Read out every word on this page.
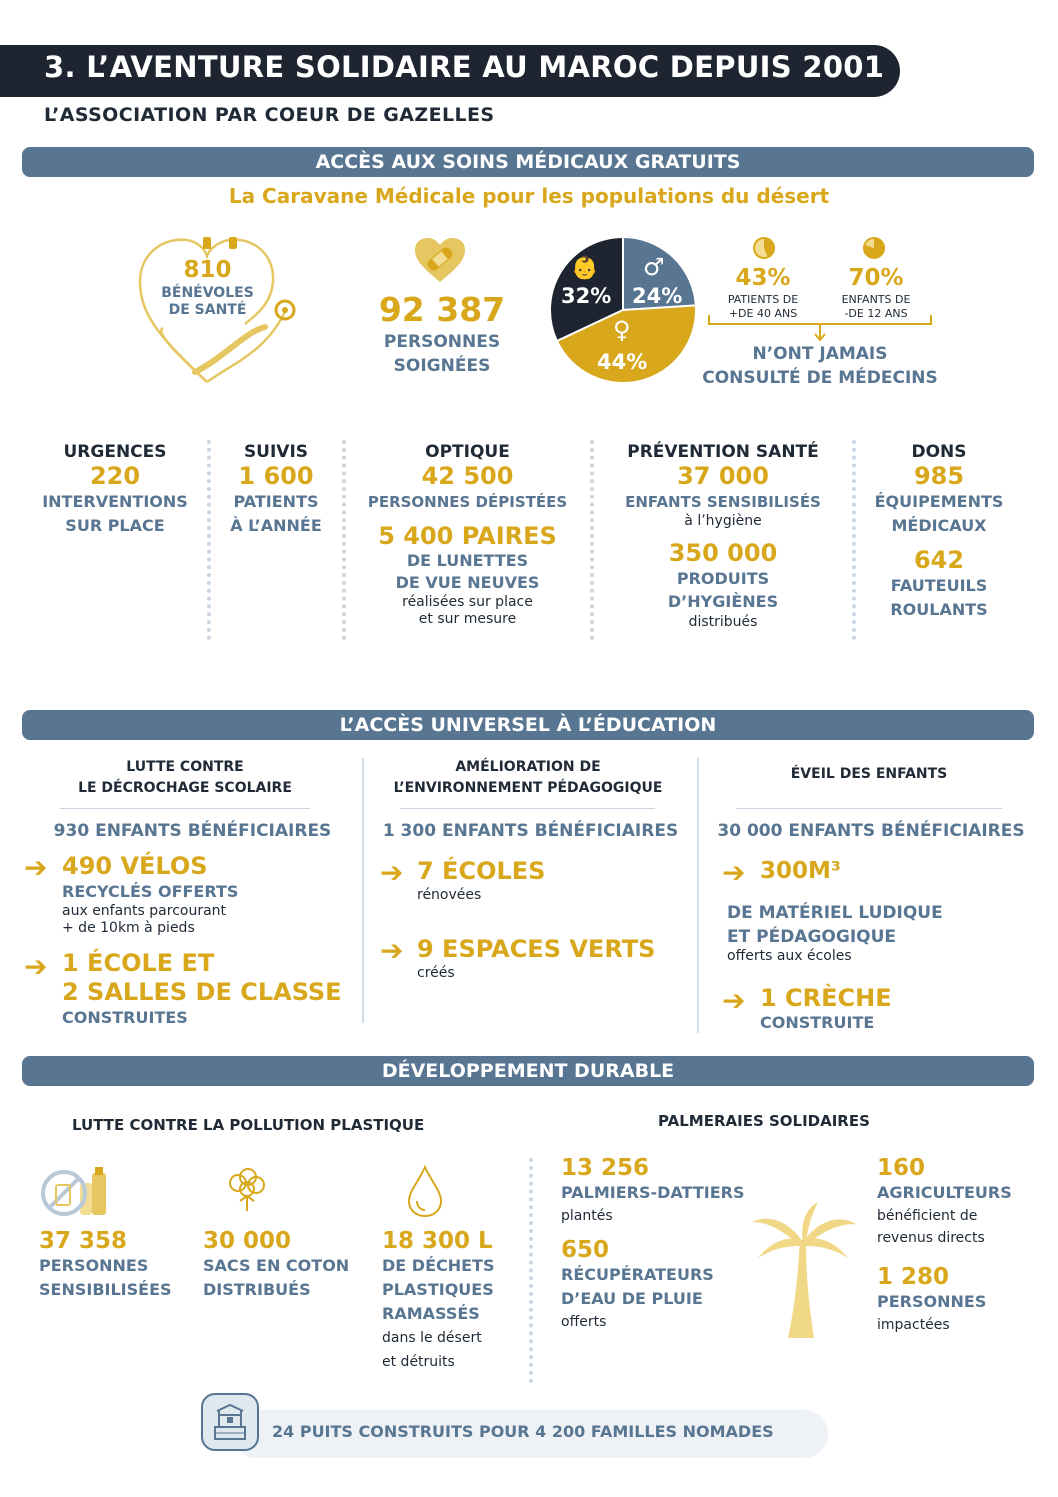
3. L’AVENTURE SOLIDAIRE AU MAROC DEPUIS 2001
L’ASSOCIATION PAR COEUR DE GAZELLES
ACCÈS AUX SOINS MÉDICAUX GRATUITS
La Caravane Médicale pour les populations du désert
810
BÉNÉVOLES
DE SANTÉ	92 387
PERSONNES
SOIGNÉES
👶
32%
♂
24%
♀
44%
43%
PATIENTS DE
+DE 40 ANS
70%
ENFANTS DE
-DE 12 ANS
N’ONT JAMAIS
CONSULTÉ DE MÉDECINS
URGENCES
220
INTERVENTIONS
SUR PLACE
SUIVIS
1 600
PATIENTS
À L’ANNÉE
OPTIQUE
42 500
PERSONNES DÉPISTÉES
5 400 PAIRES
DE LUNETTES
DE VUE NEUVES
réalisées sur place
et sur mesure
PRÉVENTION SANTÉ
37 000
ENFANTS SENSIBILISÉS
à l’hygiène
350 000
PRODUITS
D’HYGIÈNES
distribués
DONS
985
ÉQUIPEMENTS
MÉDICAUX
642
FAUTEUILS
ROULANTS
L’ACCÈS UNIVERSEL À L’ÉDUCATION
LUTTE CONTRE
LE DÉCROCHAGE SCOLAIRE
930 ENFANTS BÉNÉFICIAIRES
➔ 490 VÉLOS
RECYCLÉS OFFERTS
aux enfants parcourant
+ de 10km à pieds
➔ 1 ÉCOLE ET
2 SALLES DE CLASSE
CONSTRUITES
AMÉLIORATION DE
L’ENVIRONNEMENT PÉDAGOGIQUE
1 300 ENFANTS BÉNÉFICIAIRES
➔ 7 ÉCOLES
rénovées
➔ 9 ESPACES VERTS
créés
ÉVEIL DES ENFANTS
30 000 ENFANTS BÉNÉFICIAIRES
➔ 300M³
DE MATÉRIEL LUDIQUE
ET PÉDAGOGIQUE
offerts aux écoles
➔ 1 CRÈCHE
CONSTRUITE
DÉVELOPPEMENT DURABLE
LUTTE CONTRE LA POLLUTION PLASTIQUE	PALMERAIES SOLIDAIRES
37 358
PERSONNES
SENSIBILISÉES
30 000
SACS EN COTON
DISTRIBUÉS
18 300 L
DE DÉCHETS
PLASTIQUES
RAMASSÉS
dans le désert
et détruits
13 256
PALMIERS-DATTIERS
plantés
650
RÉCUPÉRATEURS
D’EAU DE PLUIE
offerts
160
AGRICULTEURS
bénéficient de
revenus directs
1 280
PERSONNES
impactées
24 PUITS CONSTRUITS POUR 4 200 FAMILLES NOMADES
